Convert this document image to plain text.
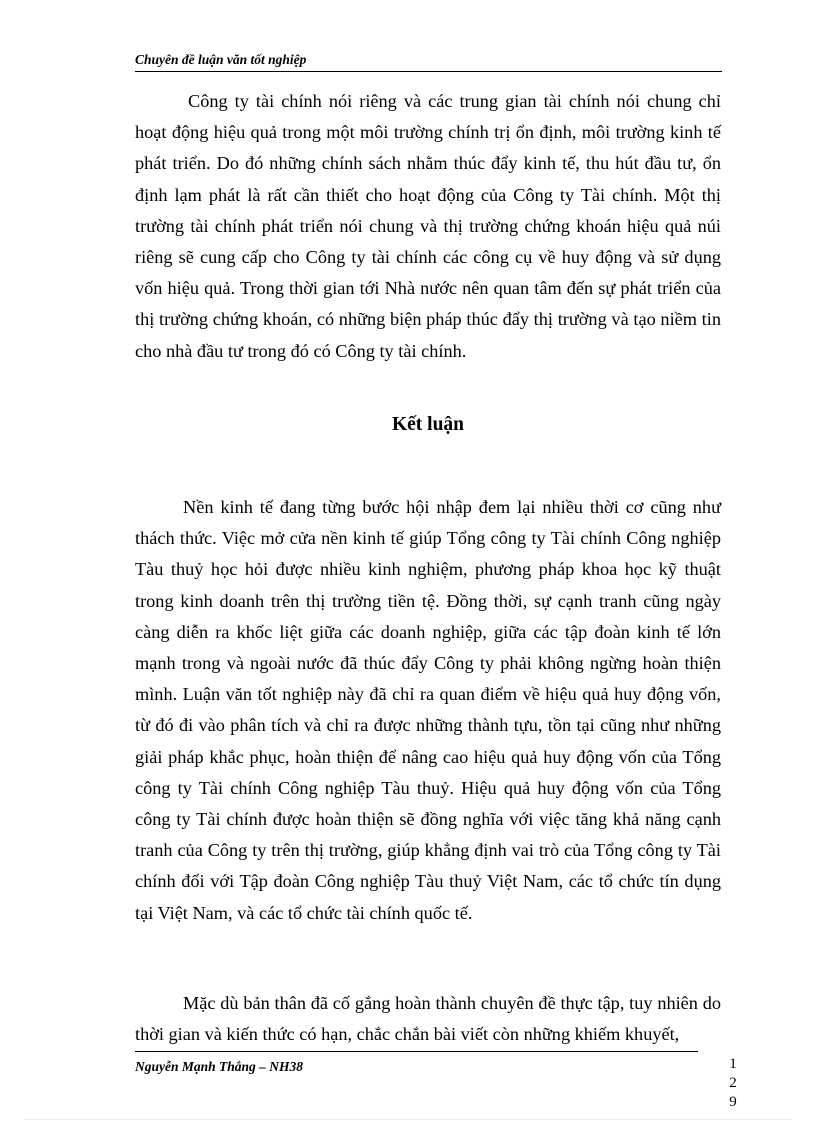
Chuyên đề luận văn tốt nghiệp

Công ty tài chính nói riêng và các trung gian tài chính nói chung chỉ hoạt động hiệu quả trong một môi trường chính trị ổn định, môi trường kinh tế phát triển. Do đó những chính sách nhằm thúc đẩy kinh tế, thu hút đầu tư, ổn định lạm phát là rất cần thiết cho hoạt động của Công ty Tài chính. Một thị trường tài chính phát triển nói chung và thị trường chứng khoán hiệu quả núi riêng sẽ cung cấp cho Công ty tài chính các công cụ về huy động và sử dụng vốn hiệu quả. Trong thời gian tới Nhà nước nên quan tâm đến sự phát triển của thị trường chứng khoán, có những biện pháp thúc đẩy thị trường và tạo niềm tin cho nhà đầu tư trong đó có Công ty tài chính.

Kết luận

Nền kinh tế đang từng bước hội nhập đem lại nhiều thời cơ cũng như thách thức. Việc mở cửa nền kinh tế giúp Tổng công ty Tài chính Công nghiệp Tàu thuỷ học hỏi được nhiều kinh nghiệm, phương pháp khoa học kỹ thuật trong kinh doanh trên thị trường tiền tệ. Đồng thời, sự cạnh tranh cũng ngày càng diễn ra khốc liệt giữa các doanh nghiệp, giữa các tập đoàn kinh tế lớn mạnh trong và ngoài nước đã thúc đẩy Công ty phải không ngừng hoàn thiện mình. Luận văn tốt nghiệp này đã chỉ ra quan điểm về hiệu quả huy động vốn, từ đó đi vào phân tích và chỉ ra được những thành tựu, tồn tại cũng như những giải pháp khắc phục, hoàn thiện để nâng cao hiệu quả huy động vốn của Tổng công ty Tài chính Công nghiệp Tàu thuỷ. Hiệu quả huy động vốn của Tổng công ty Tài chính được hoàn thiện sẽ đồng nghĩa với việc tăng khả năng cạnh tranh của Công ty trên thị trường, giúp khẳng định vai trò của Tổng công ty Tài chính đối với Tập đoàn Công nghiệp Tàu thuỷ Việt Nam, các tổ chức tín dụng tại Việt Nam, và các tổ chức tài chính quốc tế.

Mặc dù bản thân đã cố gắng hoàn thành chuyên đề thực tập, tuy nhiên do thời gian và kiến thức có hạn, chắc chắn bài viết còn những khiếm khuyết,

Nguyễn Mạnh Thắng – NH38	129
